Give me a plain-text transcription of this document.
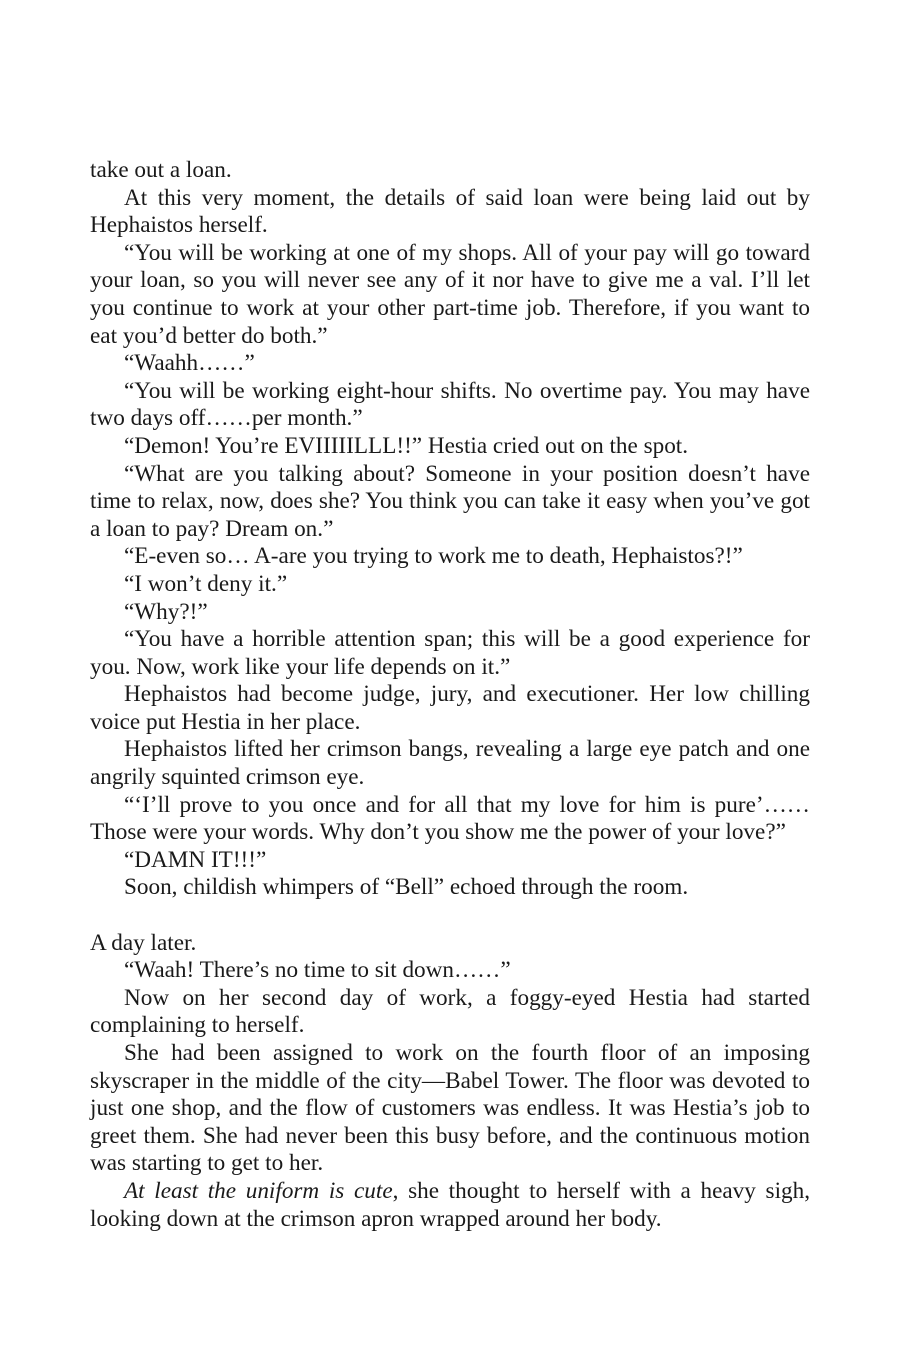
take out a loan.

At this very moment, the details of said loan were being laid out by Hephaistos herself.

“You will be working at one of my shops. All of your pay will go toward your loan, so you will never see any of it nor have to give me a val. I’ll let you continue to work at your other part-time job. Therefore, if you want to eat you’d better do both.”

“Waahh……”

“You will be working eight-hour shifts. No overtime pay. You may have two days off……per month.”

“Demon! You’re EVIIIIILLL!!” Hestia cried out on the spot.

“What are you talking about? Someone in your position doesn’t have time to relax, now, does she? You think you can take it easy when you’ve got a loan to pay? Dream on.”

“E-even so… A-are you trying to work me to death, Hephaistos?!”

“I won’t deny it.”

“Why?!”

“You have a horrible attention span; this will be a good experience for you. Now, work like your life depends on it.”

Hephaistos had become judge, jury, and executioner. Her low chilling voice put Hestia in her place.

Hephaistos lifted her crimson bangs, revealing a large eye patch and one angrily squinted crimson eye.

“‘I’ll prove to you once and for all that my love for him is pure’…… Those were your words. Why don’t you show me the power of your love?”

“DAMN IT!!!”

Soon, childish whimpers of “Bell” echoed through the room.

A day later.

“Waah! There’s no time to sit down……”

Now on her second day of work, a foggy-eyed Hestia had started complaining to herself.

She had been assigned to work on the fourth floor of an imposing skyscraper in the middle of the city—Babel Tower. The floor was devoted to just one shop, and the flow of customers was endless. It was Hestia’s job to greet them. She had never been this busy before, and the continuous motion was starting to get to her.

At least the uniform is cute, she thought to herself with a heavy sigh, looking down at the crimson apron wrapped around her body.
